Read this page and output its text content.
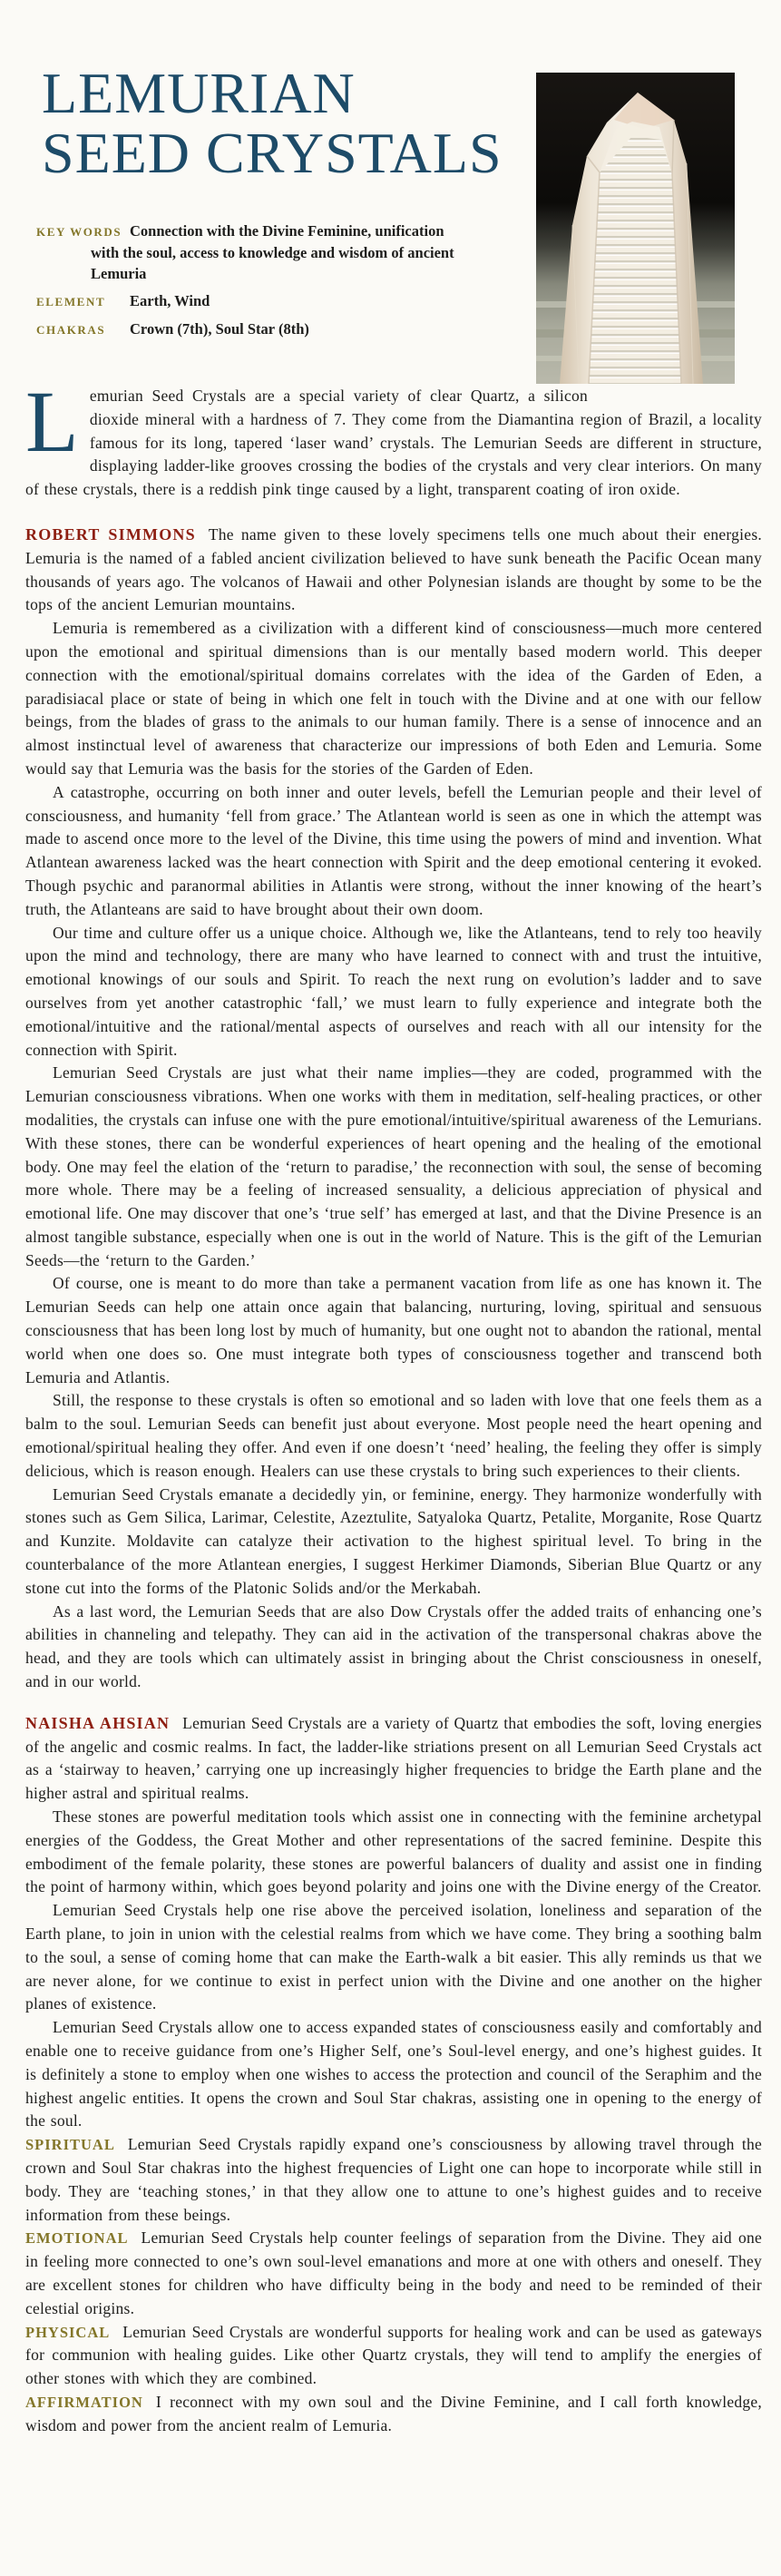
LEMURIAN
SEED CRYSTALS
KEY WORDS Connection with the Divine Feminine, unification with the soul, access to knowledge and wisdom of ancient Lemuria
ELEMENT Earth, Wind
CHAKRAS Crown (7th), Soul Star (8th)

Lemurian Seed Crystals are a special variety of clear Quartz, a silicon dioxide mineral with a hardness of 7. They come from the Diamantina region of Brazil, a locality famous for its long, tapered ‘laser wand’ crystals. The Lemurian Seeds are different in structure, displaying ladder-like grooves crossing the bodies of the crystals and very clear interiors. On many of these crystals, there is a reddish pink tinge caused by a light, transparent coating of iron oxide.

ROBERT SIMMONS The name given to these lovely specimens tells one much about their energies. Lemuria is the named of a fabled ancient civilization believed to have sunk beneath the Pacific Ocean many thousands of years ago. The volcanos of Hawaii and other Polynesian islands are thought by some to be the tops of the ancient Lemurian mountains.

Lemuria is remembered as a civilization with a different kind of consciousness—much more centered upon the emotional and spiritual dimensions than is our mentally based modern world. This deeper connection with the emotional/spiritual domains correlates with the idea of the Garden of Eden, a paradisiacal place or state of being in which one felt in touch with the Divine and at one with our fellow beings, from the blades of grass to the animals to our human family. There is a sense of innocence and an almost instinctual level of awareness that characterize our impressions of both Eden and Lemuria. Some would say that Lemuria was the basis for the stories of the Garden of Eden.

A catastrophe, occurring on both inner and outer levels, befell the Lemurian people and their level of consciousness, and humanity ‘fell from grace.’ The Atlantean world is seen as one in which the attempt was made to ascend once more to the level of the Divine, this time using the powers of mind and invention. What Atlantean awareness lacked was the heart connection with Spirit and the deep emotional centering it evoked. Though psychic and paranormal abilities in Atlantis were strong, without the inner knowing of the heart’s truth, the Atlanteans are said to have brought about their own doom.

Our time and culture offer us a unique choice. Although we, like the Atlanteans, tend to rely too heavily upon the mind and technology, there are many who have learned to connect with and trust the intuitive, emotional knowings of our souls and Spirit. To reach the next rung on evolution’s ladder and to save ourselves from yet another catastrophic ‘fall,’ we must learn to fully experience and integrate both the emotional/intuitive and the rational/mental aspects of ourselves and reach with all our intensity for the connection with Spirit.

Lemurian Seed Crystals are just what their name implies—they are coded, programmed with the Lemurian consciousness vibrations. When one works with them in meditation, self-healing practices, or other modalities, the crystals can infuse one with the pure emotional/intuitive/spiritual awareness of the Lemurians. With these stones, there can be wonderful experiences of heart opening and the healing of the emotional body. One may feel the elation of the ‘return to paradise,’ the reconnection with soul, the sense of becoming more whole. There may be a feeling of increased sensuality, a delicious appreciation of physical and emotional life. One may discover that one’s ‘true self’ has emerged at last, and that the Divine Presence is an almost tangible substance, especially when one is out in the world of Nature. This is the gift of the Lemurian Seeds—the ‘return to the Garden.’

Of course, one is meant to do more than take a permanent vacation from life as one has known it. The Lemurian Seeds can help one attain once again that balancing, nurturing, loving, spiritual and sensuous consciousness that has been long lost by much of humanity, but one ought not to abandon the rational, mental world when one does so. One must integrate both types of consciousness together and transcend both Lemuria and Atlantis.

Still, the response to these crystals is often so emotional and so laden with love that one feels them as a balm to the soul. Lemurian Seeds can benefit just about everyone. Most people need the heart opening and emotional/spiritual healing they offer. And even if one doesn’t ‘need’ healing, the feeling they offer is simply delicious, which is reason enough. Healers can use these crystals to bring such experiences to their clients.

Lemurian Seed Crystals emanate a decidedly yin, or feminine, energy. They harmonize wonderfully with stones such as Gem Silica, Larimar, Celestite, Azeztulite, Satyaloka Quartz, Petalite, Morganite, Rose Quartz and Kunzite. Moldavite can catalyze their activation to the highest spiritual level. To bring in the counterbalance of the more Atlantean energies, I suggest Herkimer Diamonds, Siberian Blue Quartz or any stone cut into the forms of the Platonic Solids and/or the Merkabah.

As a last word, the Lemurian Seeds that are also Dow Crystals offer the added traits of enhancing one’s abilities in channeling and telepathy. They can aid in the activation of the transpersonal chakras above the head, and they are tools which can ultimately assist in bringing about the Christ consciousness in oneself, and in our world.

NAISHA AHSIAN Lemurian Seed Crystals are a variety of Quartz that embodies the soft, loving energies of the angelic and cosmic realms. In fact, the ladder-like striations present on all Lemurian Seed Crystals act as a ‘stairway to heaven,’ carrying one up increasingly higher frequencies to bridge the Earth plane and the higher astral and spiritual realms.

These stones are powerful meditation tools which assist one in connecting with the feminine archetypal energies of the Goddess, the Great Mother and other representations of the sacred feminine. Despite this embodiment of the female polarity, these stones are powerful balancers of duality and assist one in finding the point of harmony within, which goes beyond polarity and joins one with the Divine energy of the Creator.

Lemurian Seed Crystals help one rise above the perceived isolation, loneliness and separation of the Earth plane, to join in union with the celestial realms from which we have come. They bring a soothing balm to the soul, a sense of coming home that can make the Earth-walk a bit easier. This ally reminds us that we are never alone, for we continue to exist in perfect union with the Divine and one another on the higher planes of existence.

Lemurian Seed Crystals allow one to access expanded states of consciousness easily and comfortably and enable one to receive guidance from one’s Higher Self, one’s Soul-level energy, and one’s highest guides. It is definitely a stone to employ when one wishes to access the protection and council of the Seraphim and the highest angelic entities. It opens the crown and Soul Star chakras, assisting one in opening to the energy of the soul.

SPIRITUAL Lemurian Seed Crystals rapidly expand one’s consciousness by allowing travel through the crown and Soul Star chakras into the highest frequencies of Light one can hope to incorporate while still in body. They are ‘teaching stones,’ in that they allow one to attune to one’s highest guides and to receive information from these beings.

EMOTIONAL Lemurian Seed Crystals help counter feelings of separation from the Divine. They aid one in feeling more connected to one’s own soul-level emanations and more at one with others and oneself. They are excellent stones for children who have difficulty being in the body and need to be reminded of their celestial origins.

PHYSICAL Lemurian Seed Crystals are wonderful supports for healing work and can be used as gateways for communion with healing guides. Like other Quartz crystals, they will tend to amplify the energies of other stones with which they are combined.

AFFIRMATION I reconnect with my own soul and the Divine Feminine, and I call forth knowledge, wisdom and power from the ancient realm of Lemuria.
